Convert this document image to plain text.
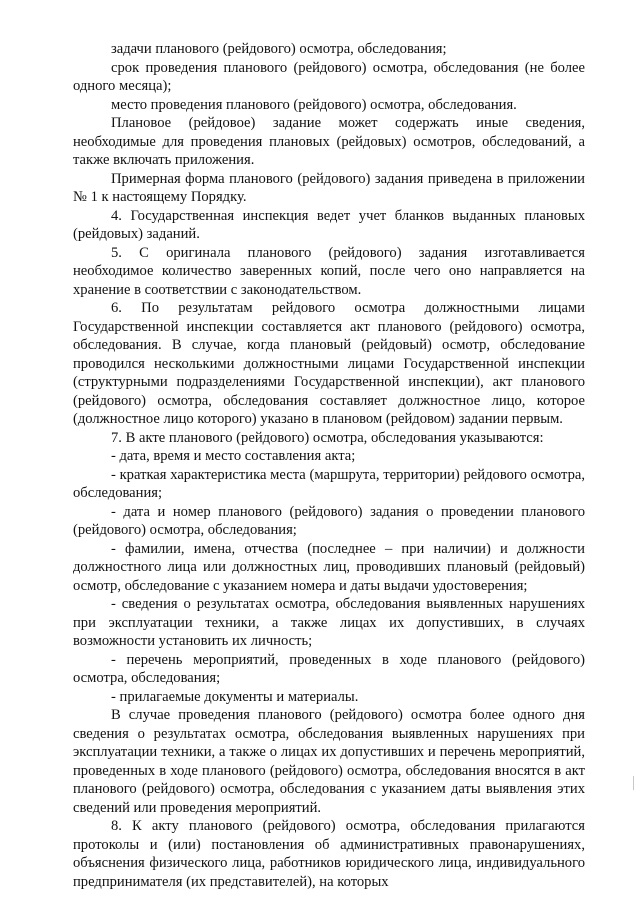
задачи планового (рейдового) осмотра, обследования;

срок проведения планового (рейдового) осмотра, обследования (не более одного месяца);

место проведения планового (рейдового) осмотра, обследования.

Плановое (рейдовое) задание может содержать иные сведения, необходимые для проведения плановых (рейдовых) осмотров, обследований, а также включать приложения.

Примерная форма планового (рейдового) задания приведена в приложении № 1 к настоящему Порядку.

4. Государственная инспекция ведет учет бланков выданных плановых (рейдовых) заданий.

5. С оригинала планового (рейдового) задания изготавливается необходимое количество заверенных копий, после чего оно направляется на хранение в соответствии с законодательством.

6. По результатам рейдового осмотра должностными лицами Государственной инспекции составляется акт планового (рейдового) осмотра, обследования. В случае, когда плановый (рейдовый) осмотр, обследование проводился несколькими должностными лицами Государственной инспекции (структурными подразделениями Государственной инспекции), акт планового (рейдового) осмотра, обследования составляет должностное лицо, которое (должностное лицо которого) указано в плановом (рейдовом) задании первым.

7. В акте планового (рейдового) осмотра, обследования указываются:

- дата, время и место составления акта;

- краткая характеристика места (маршрута, территории) рейдового осмотра, обследования;

- дата и номер планового (рейдового) задания о проведении планового (рейдового) осмотра, обследования;

- фамилии, имена, отчества (последнее – при наличии) и должности должностного лица или должностных лиц, проводивших плановый (рейдовый) осмотр, обследование с указанием номера и даты выдачи удостоверения;

- сведения о результатах осмотра, обследования выявленных нарушениях при эксплуатации техники, а также лицах их допустивших, в случаях возможности установить их личность;

- перечень мероприятий, проведенных в ходе планового (рейдового) осмотра, обследования;

- прилагаемые документы и материалы.

В случае проведения планового (рейдового) осмотра более одного дня сведения о результатах осмотра, обследования выявленных нарушениях при эксплуатации техники, а также о лицах их допустивших и перечень мероприятий, проведенных в ходе планового (рейдового) осмотра, обследования вносятся в акт планового (рейдового) осмотра, обследования с указанием даты выявления этих сведений или проведения мероприятий.

8. К акту планового (рейдового) осмотра, обследования прилагаются протоколы и (или) постановления об административных правонарушениях, объяснения физического лица, работников юридического лица, индивидуального предпринимателя (их представителей), на которых
